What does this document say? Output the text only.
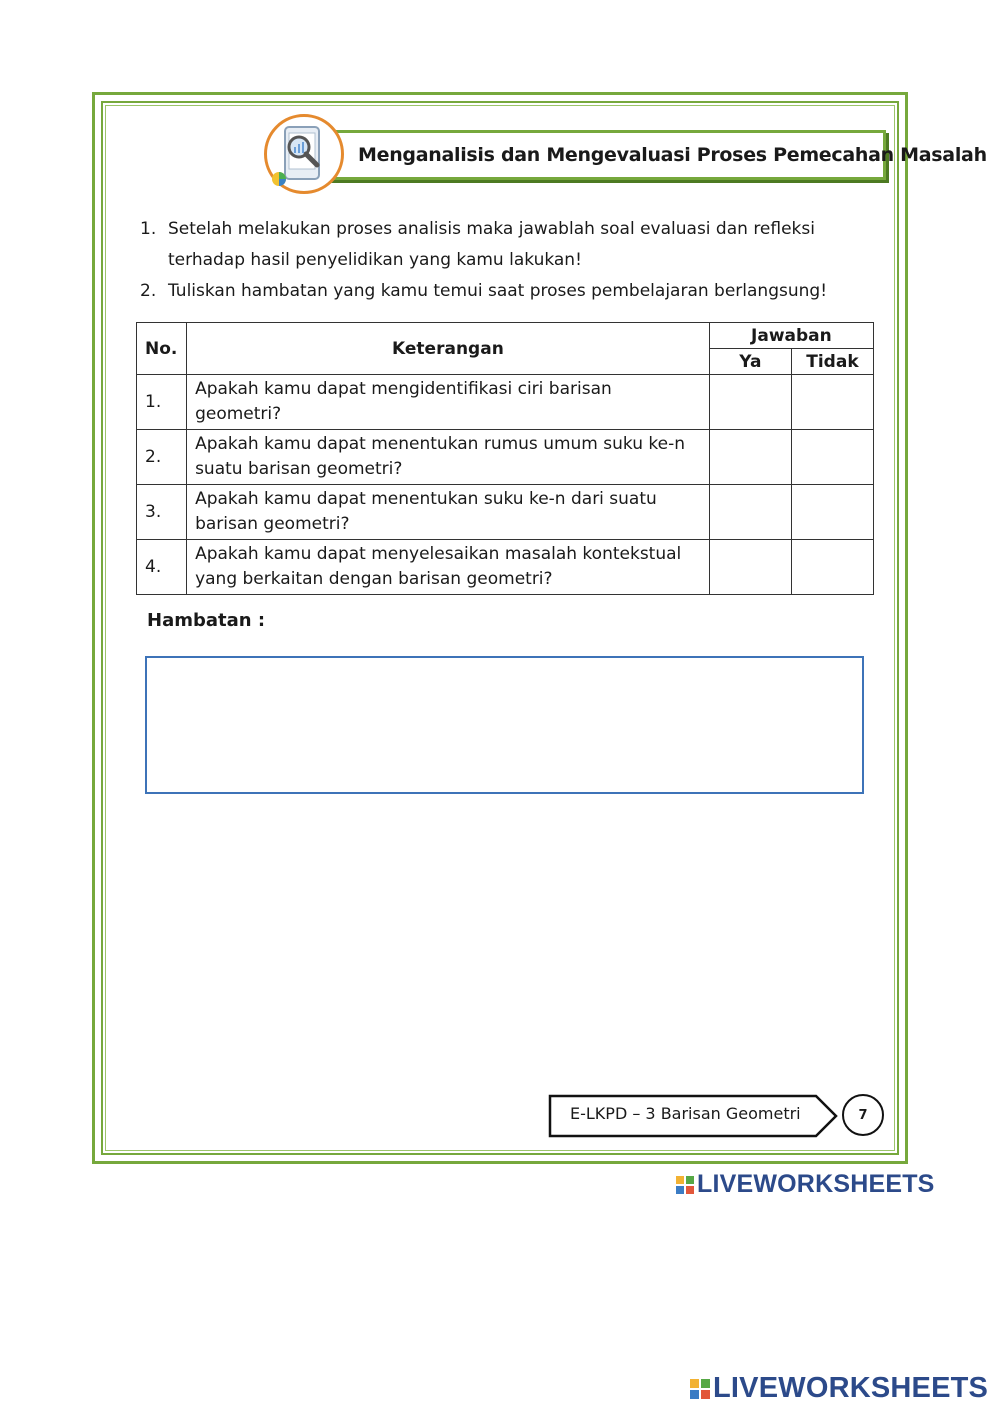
Menganalisis dan Mengevaluasi Proses Pemecahan Masalah
1. Setelah melakukan proses analisis maka jawablah soal evaluasi dan refleksi
terhadap hasil penyelidikan yang kamu lakukan!
2. Tuliskan hambatan yang kamu temui saat proses pembelajaran berlangsung!
No.	Keterangan	Jawaban	
		Ya	Tidak
1.	Apakah kamu dapat mengidentifikasi ciri barisan
geometri?		

2.	Apakah kamu dapat menentukan rumus umum suku ke-n
suatu barisan geometri?		

3.	Apakah kamu dapat menentukan suku ke-n dari suatu
barisan geometri?		

4.	Apakah kamu dapat menyelesaikan masalah kontekstual
yang berkaitan dengan barisan geometri?		

Hambatan :
E-LKPD – 3 Barisan Geometri	7
LIVEWORKSHEETS
LIVEWORKSHEETS
